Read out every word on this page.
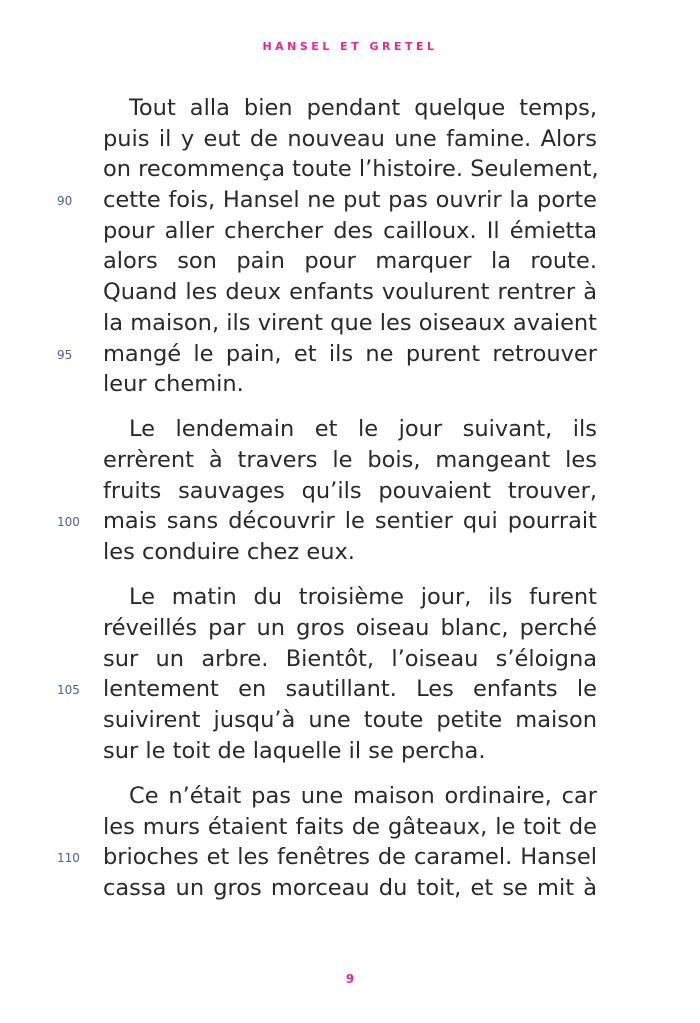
HANSEL ET GRETEL
Tout alla bien pendant quelque temps,
puis il y eut de nouveau une famine. Alors
on recommença toute l’histoire. Seulement,
90	cette fois, Hansel ne put pas ouvrir la porte
pour aller chercher des cailloux. Il émietta
alors son pain pour marquer la route.
Quand les deux enfants voulurent rentrer à
la maison, ils virent que les oiseaux avaient
95	mangé le pain, et ils ne purent retrouver
leur chemin.
Le lendemain et le jour suivant, ils
errèrent à travers le bois, mangeant les
fruits sauvages qu’ils pouvaient trouver,
100	mais sans découvrir le sentier qui pourrait
les conduire chez eux.
Le matin du troisième jour, ils furent
réveillés par un gros oiseau blanc, perché
sur un arbre. Bientôt, l’oiseau s’éloigna
105	lentement en sautillant. Les enfants le
suivirent jusqu’à une toute petite maison
sur le toit de laquelle il se percha.
Ce n’était pas une maison ordinaire, car
les murs étaient faits de gâteaux, le toit de
110	brioches et les fenêtres de caramel. Hansel
cassa un gros morceau du toit, et se mit à
9
